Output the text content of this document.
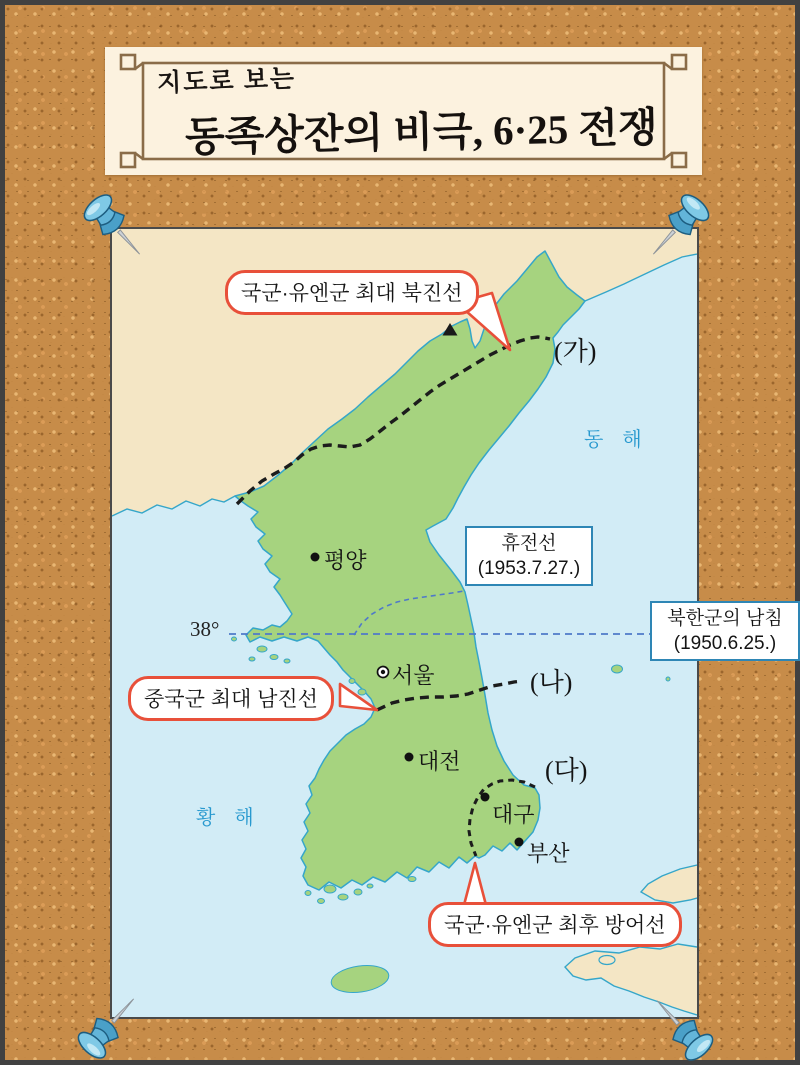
지도로 보는
동족상잔의 비극, 6·25 전쟁
국군·유엔군 최대 북진선
중국군 최대 남진선
국군·유엔군 최후 방어선
휴전선
(1953.7.27.)
북한군의 남침
(1950.6.25.)
(가)
(나)
(다)
동 해
황 해
38°
평양
서울
대전
대구
부산
